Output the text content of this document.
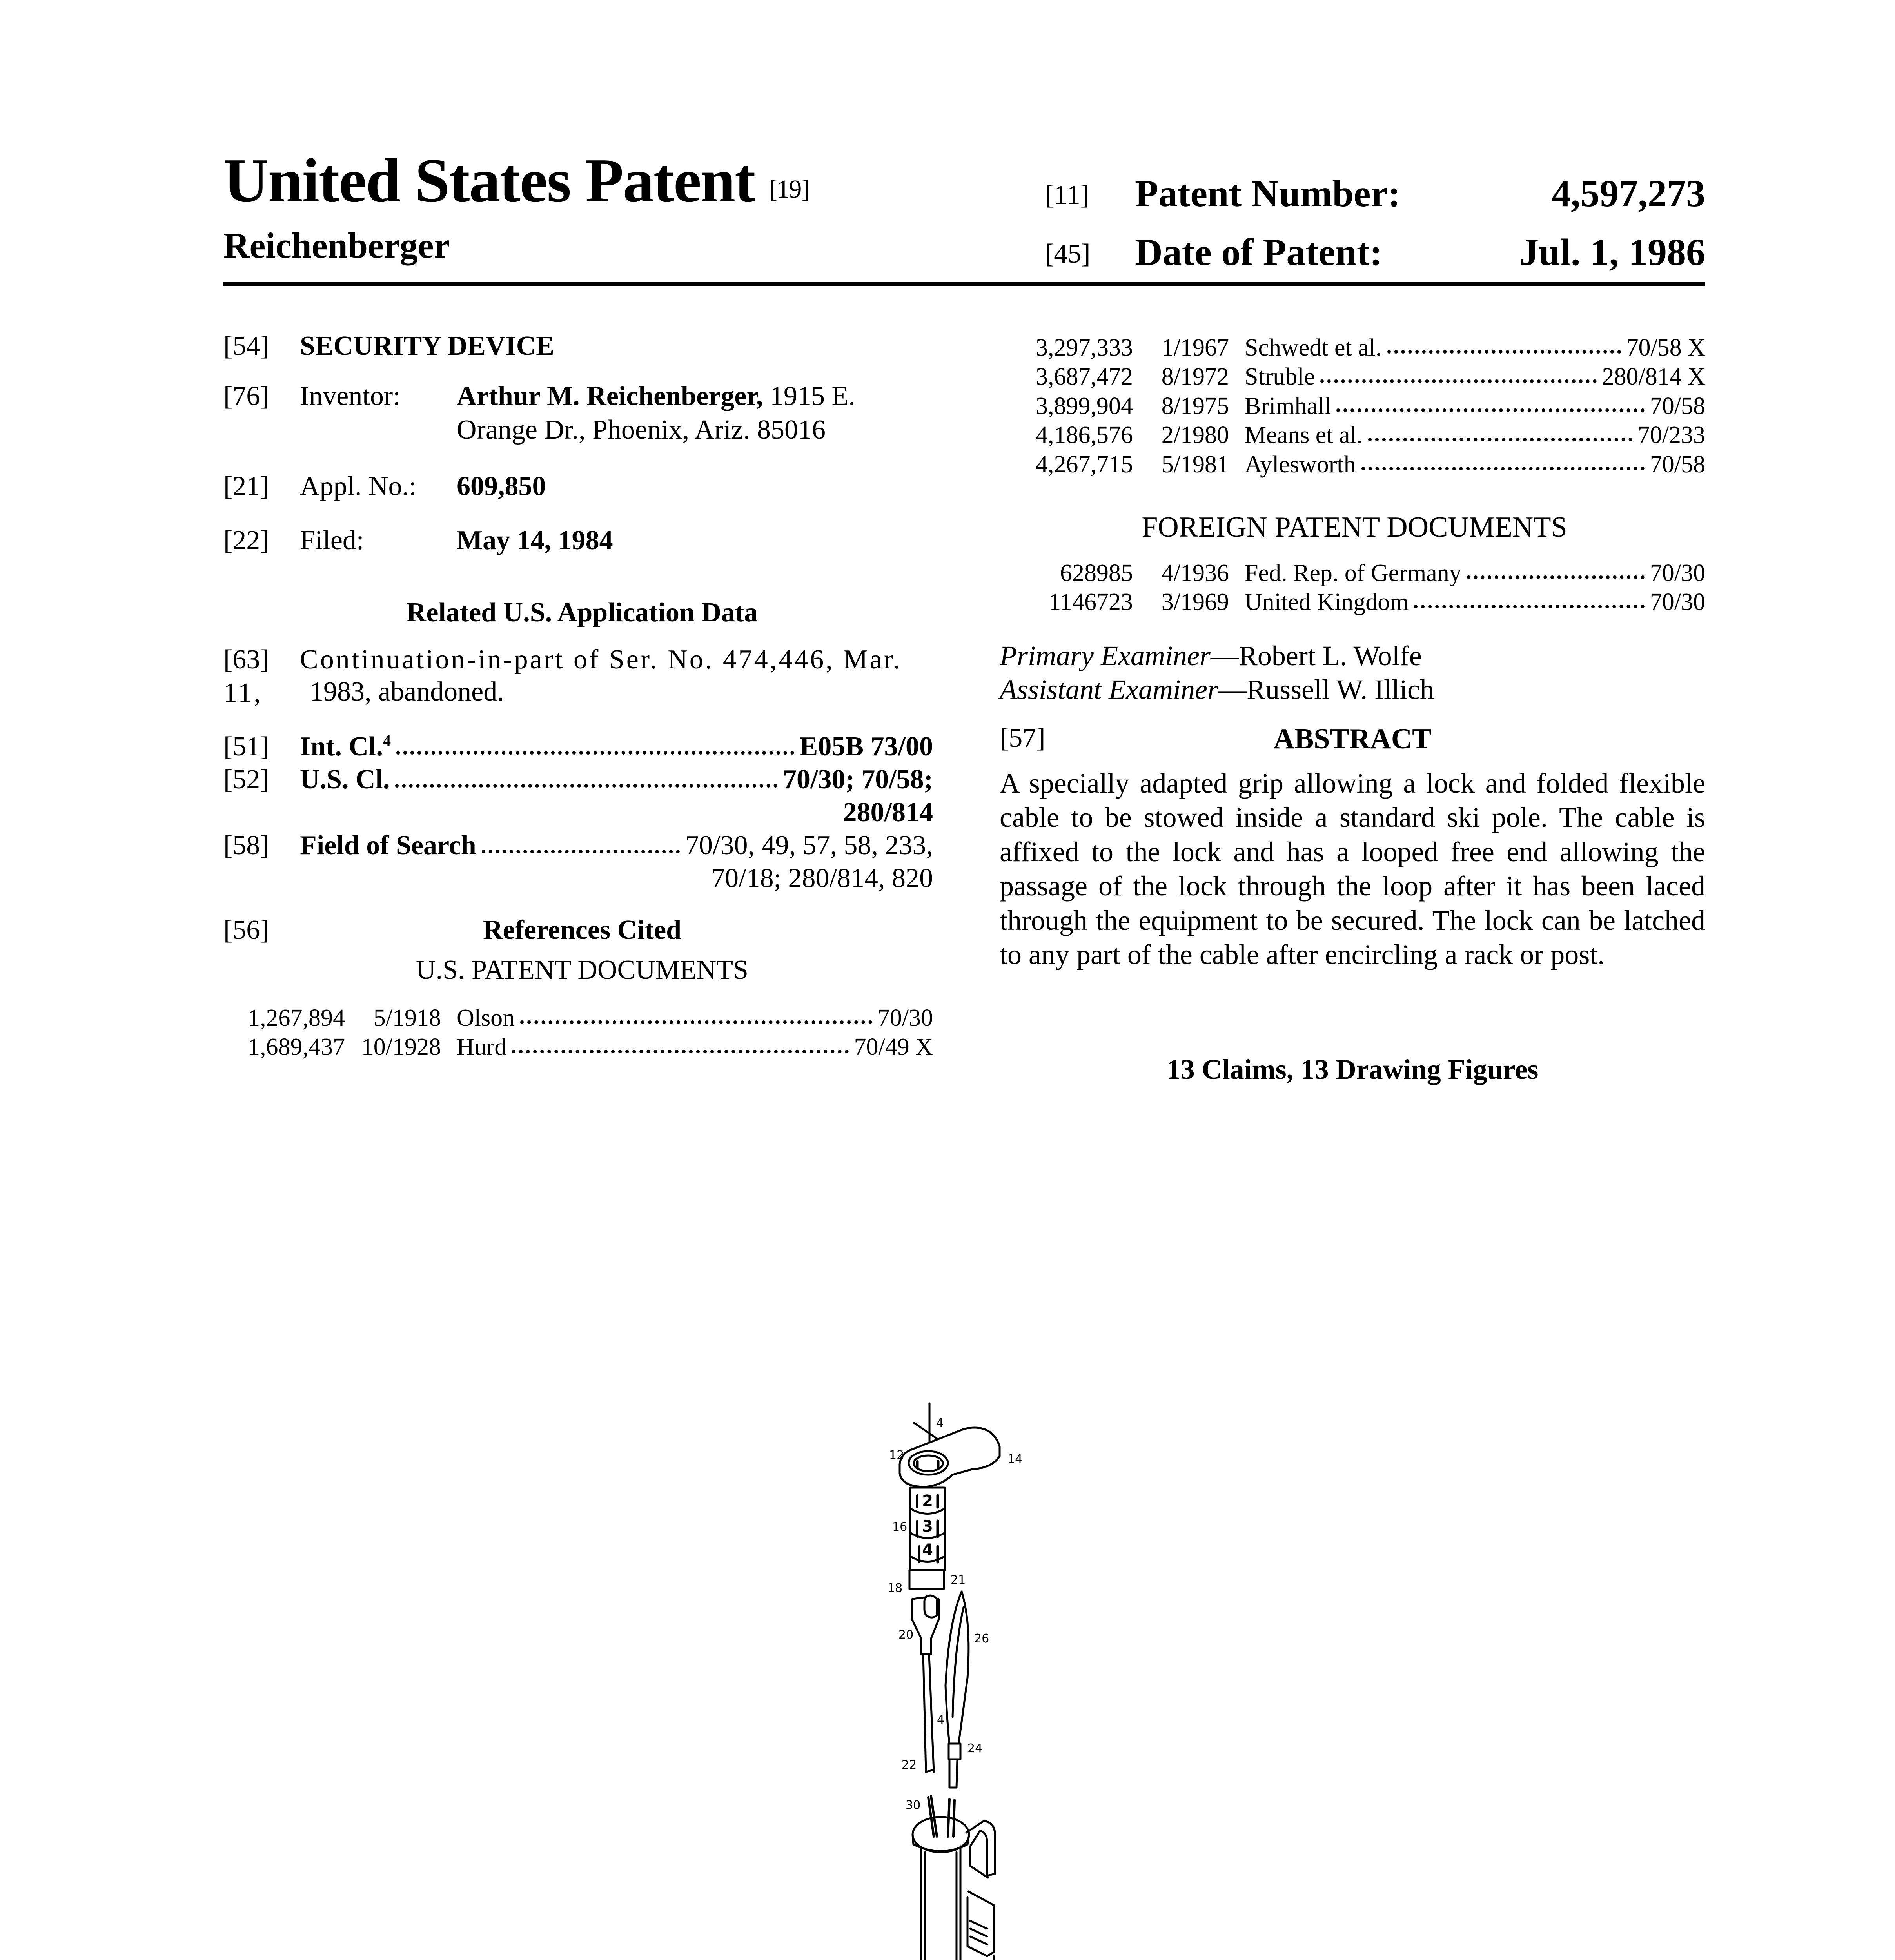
United States Patent [19]
Reichenberger
[11] Patent Number:	4,597,273
[45] Date of Patent:	Jul. 1, 1986
[54] SECURITY DEVICE
[76] Inventor: Arthur M. Reichenberger, 1915 E.
Orange Dr., Phoenix, Ariz. 85016
[21] Appl. No.: 609,850
[22] Filed:	May 14, 1984
Related U.S. Application Data
[63] Continuation-in-part of Ser. No. 474,446, Mar. 11,	1983, abandoned.
[51]	Int. Cl.$^4$	E05B 73/00
[52]	U.S. Cl.	70/30; 70/58;
280/814
[58]	Field of Search	70/30, 49, 57, 58, 233,
70/18; 280/814, 820
[56]	References Cited
U.S. PATENT DOCUMENTS
1,267,894	5/1918 Olson	70/30
1,689,437 10/1928 Hurd	70/49 X
3,297,333	1/1967 Schwedt et al.	70/58 X
3,687,472	8/1972 Struble	280/814 X
3,899,904	8/1975 Brimhall	70/58
4,186,576	2/1980 Means et al.	70/233
4,267,715	5/1981 Aylesworth	70/58
FOREIGN PATENT DOCUMENTS
628985	4/1936 Fed. Rep. of Germany	70/30
1146723	3/1969 United Kingdom	70/30
Primary Examiner—Robert L. Wolfe
Assistant Examiner—Russell W. Illich
[57]	ABSTRACT
A specially adapted grip allowing a lock and folded flexible cable to be stowed inside a standard ski pole. The cable is affixed to the lock and has a looped free end allowing the passage of the lock through the loop after it has been laced through the equipment to be secured. The lock can be latched to any part of the cable after encircling a rack or post.
13 Claims, 13 Drawing Figures
2
3
4
4
12	14
16
18
21
20	26
4
22
24
30
